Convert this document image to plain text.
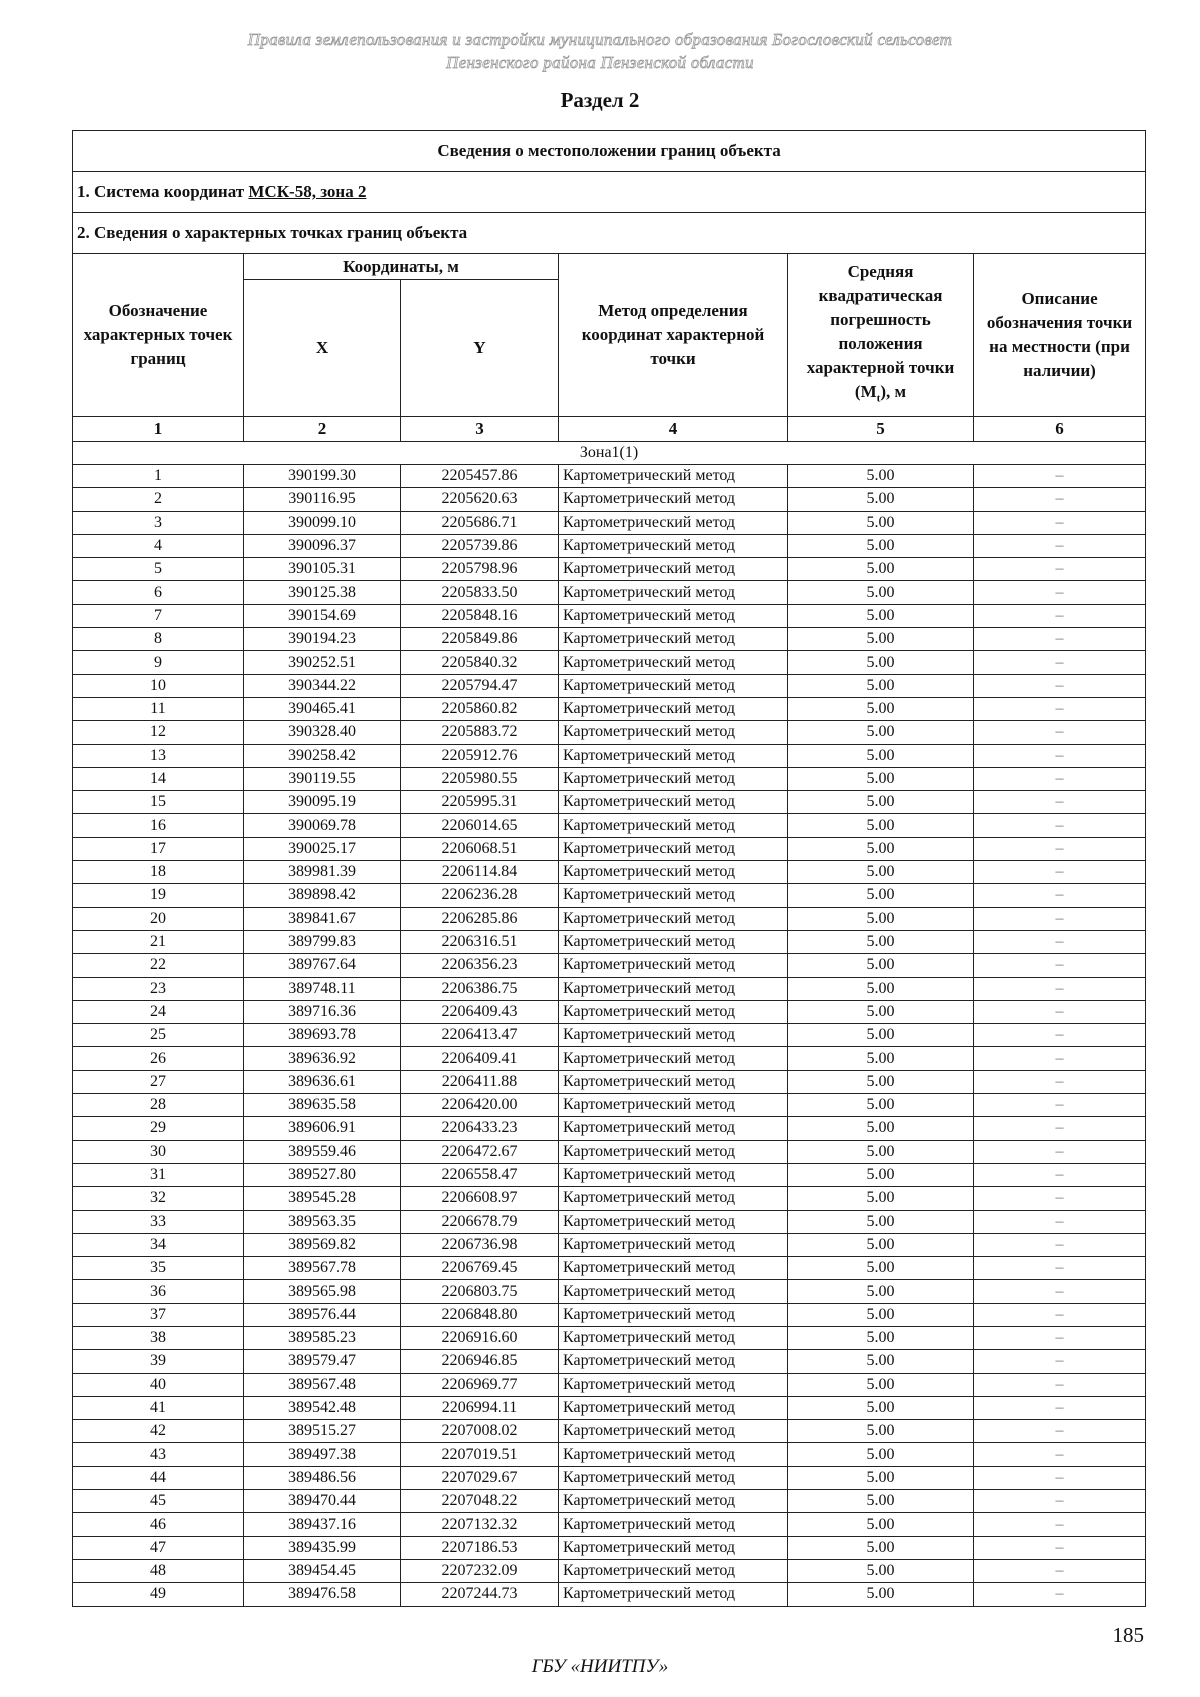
Правила землепользования и застройки муниципального образования Богословский сельсовет
Пензенского района Пензенской области
Раздел 2
Сведения о местоположении границ объекта					
1. Система координат МСК-58, зона 2					
2. Сведения о характерных точках границ объекта					
Обозначение характерных точек границ	Координаты, м		Метод определения координат характерной точки	Средняя квадратическая погрешность положения характерной точки $(M_t)$, м	Описание обозначения точки на местности (при наличии)
	X	Y			
1	2	3	4	5	6
Зона1(1)					
1	390199.30	2205457.86	Картометрический метод	5.00	–
2	390116.95	2205620.63	Картометрический метод	5.00	–
3	390099.10	2205686.71	Картометрический метод	5.00	–
4	390096.37	2205739.86	Картометрический метод	5.00	–
5	390105.31	2205798.96	Картометрический метод	5.00	–
6	390125.38	2205833.50	Картометрический метод	5.00	–
7	390154.69	2205848.16	Картометрический метод	5.00	–
8	390194.23	2205849.86	Картометрический метод	5.00	–
9	390252.51	2205840.32	Картометрический метод	5.00	–
10	390344.22	2205794.47	Картометрический метод	5.00	–
11	390465.41	2205860.82	Картометрический метод	5.00	–
12	390328.40	2205883.72	Картометрический метод	5.00	–
13	390258.42	2205912.76	Картометрический метод	5.00	–
14	390119.55	2205980.55	Картометрический метод	5.00	–
15	390095.19	2205995.31	Картометрический метод	5.00	–
16	390069.78	2206014.65	Картометрический метод	5.00	–
17	390025.17	2206068.51	Картометрический метод	5.00	–
18	389981.39	2206114.84	Картометрический метод	5.00	–
19	389898.42	2206236.28	Картометрический метод	5.00	–
20	389841.67	2206285.86	Картометрический метод	5.00	–
21	389799.83	2206316.51	Картометрический метод	5.00	–
22	389767.64	2206356.23	Картометрический метод	5.00	–
23	389748.11	2206386.75	Картометрический метод	5.00	–
24	389716.36	2206409.43	Картометрический метод	5.00	–
25	389693.78	2206413.47	Картометрический метод	5.00	–
26	389636.92	2206409.41	Картометрический метод	5.00	–
27	389636.61	2206411.88	Картометрический метод	5.00	–
28	389635.58	2206420.00	Картометрический метод	5.00	–
29	389606.91	2206433.23	Картометрический метод	5.00	–
30	389559.46	2206472.67	Картометрический метод	5.00	–
31	389527.80	2206558.47	Картометрический метод	5.00	–
32	389545.28	2206608.97	Картометрический метод	5.00	–
33	389563.35	2206678.79	Картометрический метод	5.00	–
34	389569.82	2206736.98	Картометрический метод	5.00	–
35	389567.78	2206769.45	Картометрический метод	5.00	–
36	389565.98	2206803.75	Картометрический метод	5.00	–
37	389576.44	2206848.80	Картометрический метод	5.00	–
38	389585.23	2206916.60	Картометрический метод	5.00	–
39	389579.47	2206946.85	Картометрический метод	5.00	–
40	389567.48	2206969.77	Картометрический метод	5.00	–
41	389542.48	2206994.11	Картометрический метод	5.00	–
42	389515.27	2207008.02	Картометрический метод	5.00	–
43	389497.38	2207019.51	Картометрический метод	5.00	–
44	389486.56	2207029.67	Картометрический метод	5.00	–
45	389470.44	2207048.22	Картометрический метод	5.00	–
46	389437.16	2207132.32	Картометрический метод	5.00	–
47	389435.99	2207186.53	Картометрический метод	5.00	–
48	389454.45	2207232.09	Картометрический метод	5.00	–
49	389476.58	2207244.73	Картометрический метод	5.00	–
185
ГБУ «НИИТПУ»
